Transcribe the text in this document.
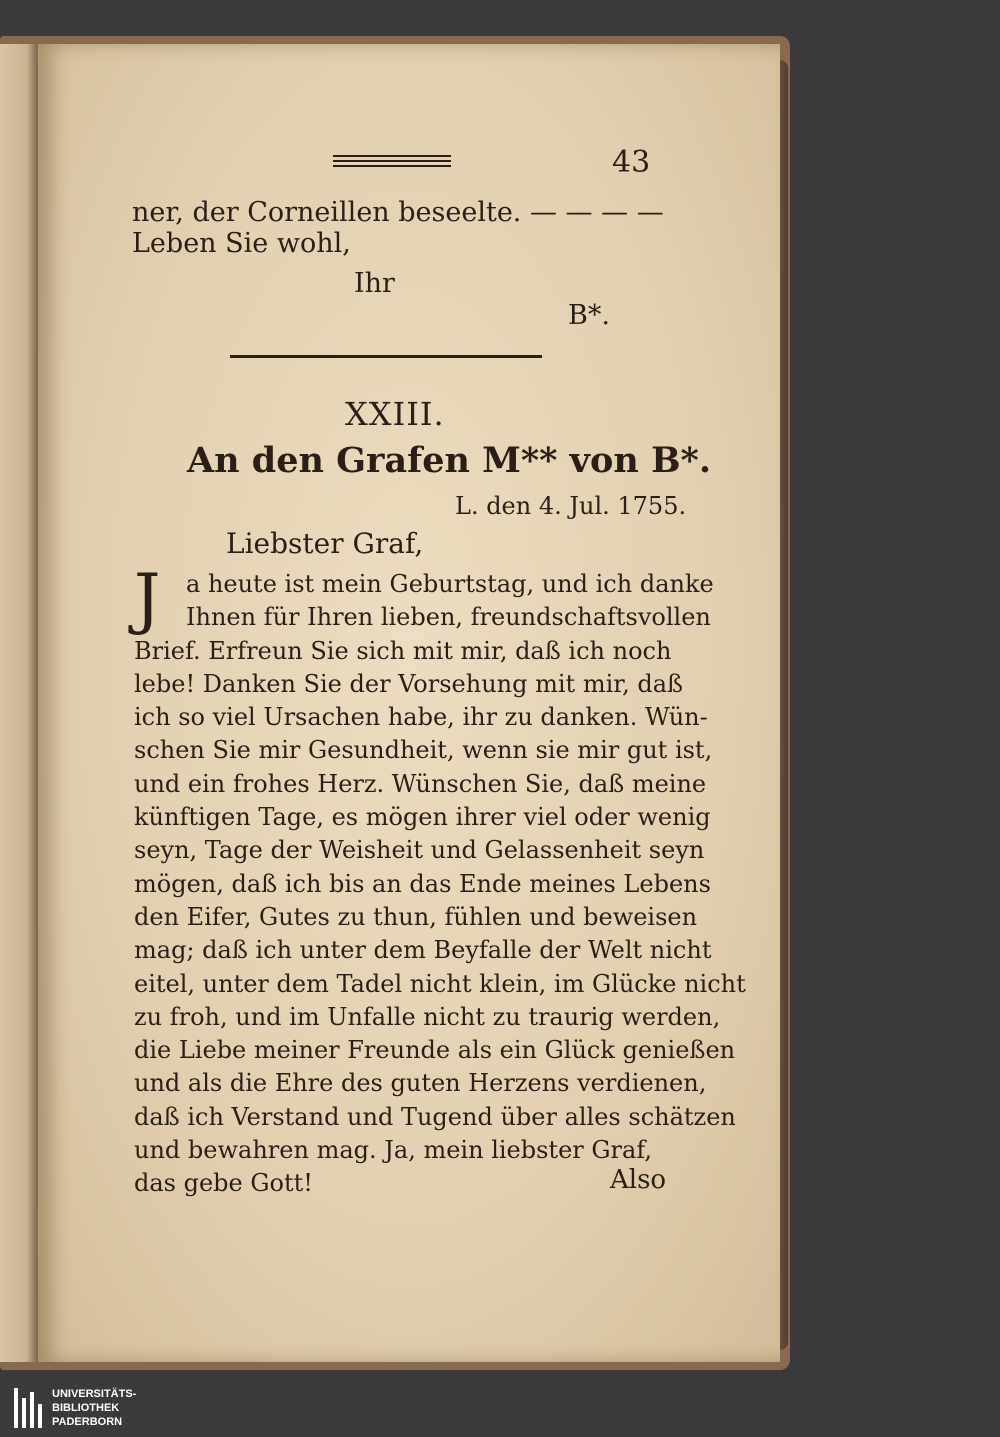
43
ner, der Corneillen beseelte. — — — —
Leben Sie wohl,
Ihr
B*.
XXIII.
An den Grafen M** von B*.
L. den 4. Jul. 1755.
Liebster Graf,
J	a heute ist mein Geburtstag, und ich danke
Ihnen für Ihren lieben, freundschaftsvollen
Brief. Erfreun Sie sich mit mir, daß ich noch
lebe! Danken Sie der Vorsehung mit mir, daß
ich so viel Ursachen habe, ihr zu danken. Wün-
schen Sie mir Gesundheit, wenn sie mir gut ist,
und ein frohes Herz. Wünschen Sie, daß meine
künftigen Tage, es mögen ihrer viel oder wenig
seyn, Tage der Weisheit und Gelassenheit seyn
mögen, daß ich bis an das Ende meines Lebens
den Eifer, Gutes zu thun, fühlen und beweisen
mag; daß ich unter dem Beyfalle der Welt nicht
eitel, unter dem Tadel nicht klein, im Glücke nicht
zu froh, und im Unfalle nicht zu traurig werden,
die Liebe meiner Freunde als ein Glück genießen
und als die Ehre des guten Herzens verdienen,
daß ich Verstand und Tugend über alles schätzen
und bewahren mag. Ja, mein liebster Graf,
das gebe Gott!	Also
UNIVERSITÄTS-
BIBLIOTHEK
PADERBORN
